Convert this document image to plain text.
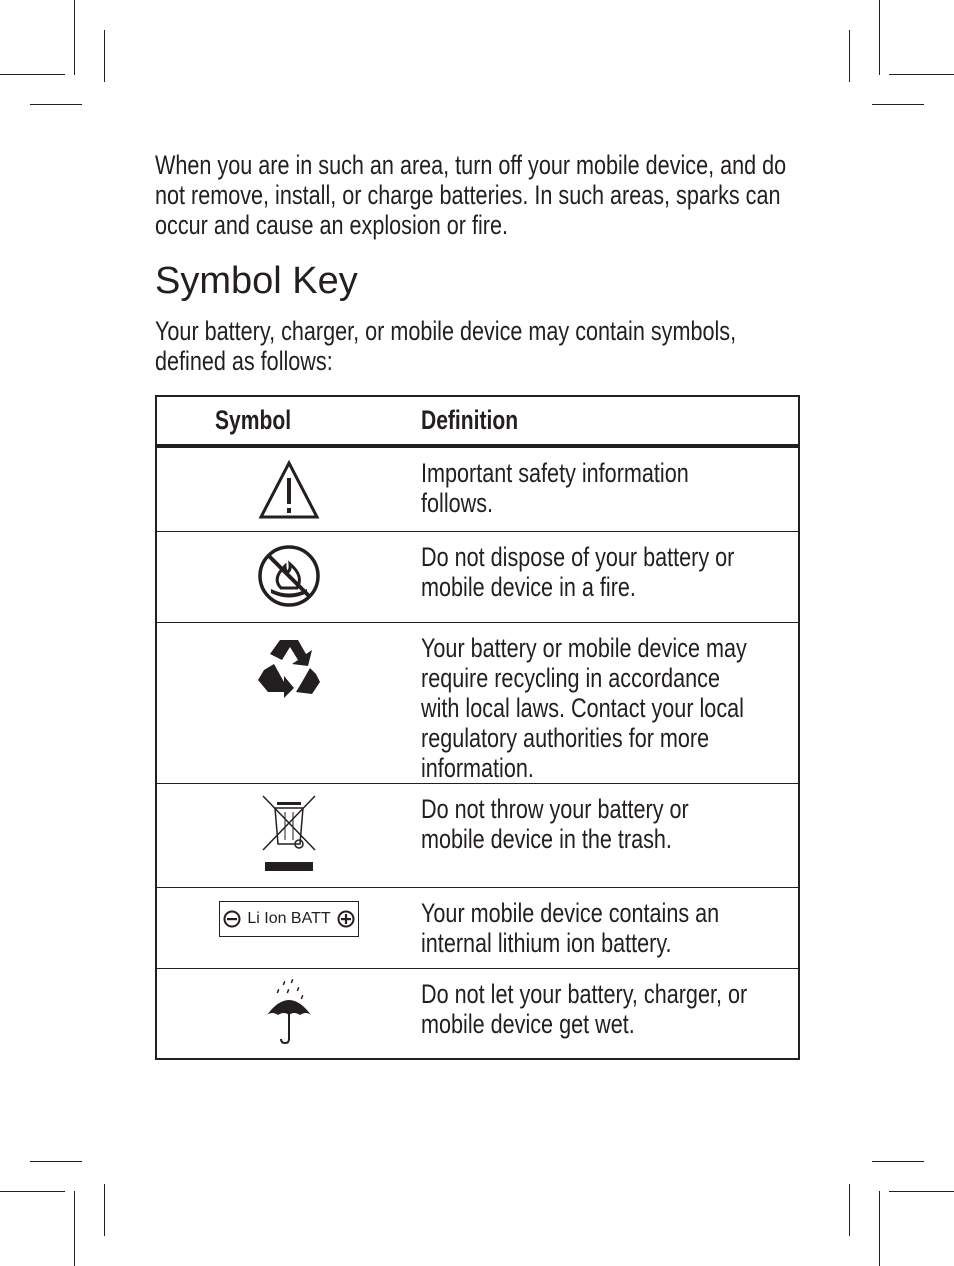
When you are in such an area, turn off your mobile device, and do not remove, install, or charge batteries. In such areas, sparks can occur and cause an explosion or fire.

Symbol Key

Your battery, charger, or mobile device may contain symbols, defined as follows:

Symbol	Definition

	Important safety information follows.

	Do not dispose of your battery or mobile device in a fire.

	Your battery or mobile device may require recycling in accordance with local laws. Contact your local regulatory authorities for more information.

	Do not throw your battery or mobile device in the trash.

Li Ion BATT	Your mobile device contains an internal lithium ion battery.

	Do not let your battery, charger, or mobile device get wet.
